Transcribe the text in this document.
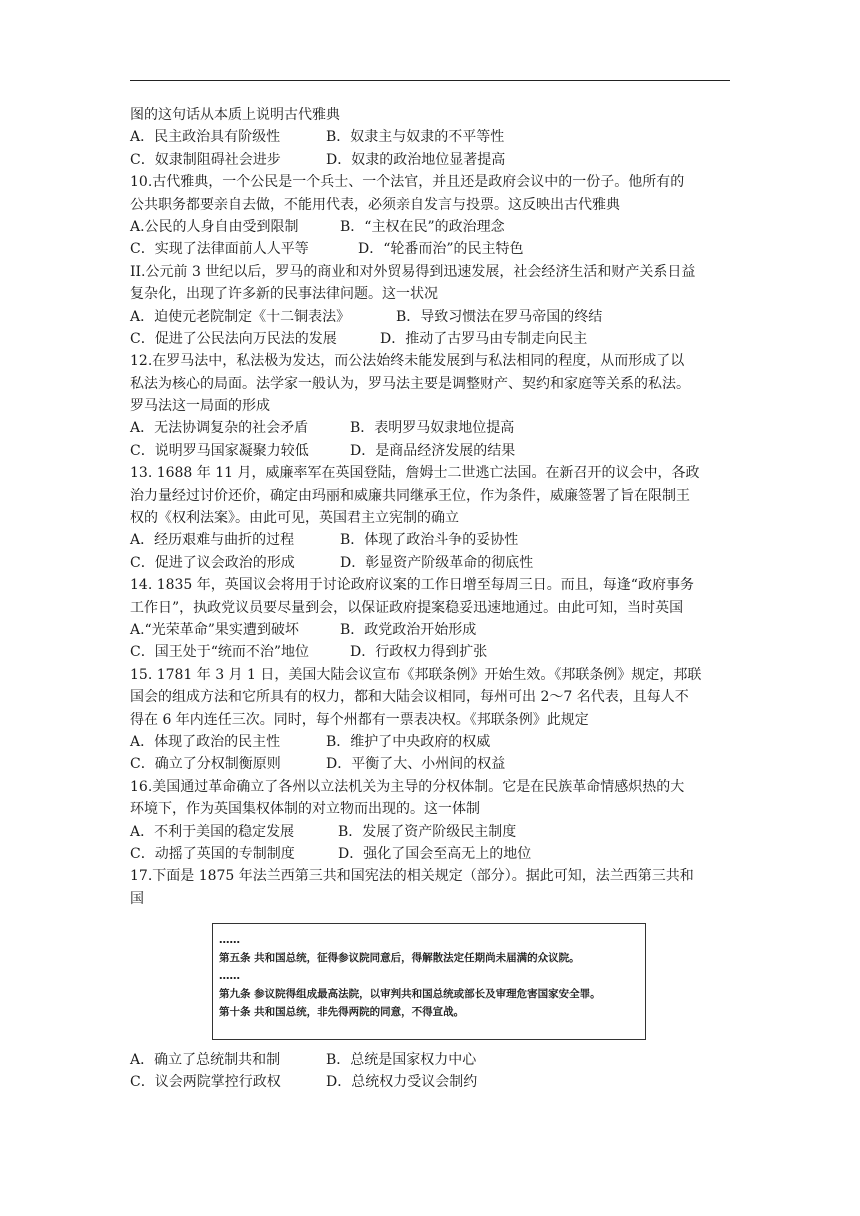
图的这句话从本质上说明古代雅典
A．民主政治具有阶级性	B．奴隶主与奴隶的不平等性
C．奴隶制阻碍社会进步	D．奴隶的政治地位显著提高
10.古代雅典，一个公民是一个兵士、一个法官，并且还是政府会议中的一份子。他所有的
公共职务都要亲自去做，不能用代表，必须亲自发言与投票。这反映出古代雅典
A.公民的人身自由受到限制	B．“主权在民”的政治理念
C．实现了法律面前人人平等	D．“轮番而治”的民主特色
II.公元前 3 世纪以后，罗马的商业和对外贸易得到迅速发展，社会经济生活和财产关系日益
复杂化，出现了许多新的民事法律问题。这一状况
A．迫使元老院制定《十二铜表法》	B．导致习惯法在罗马帝国的终结
C．促进了公民法向万民法的发展	D．推动了古罗马由专制走向民主
12.在罗马法中，私法极为发达，而公法始终未能发展到与私法相同的程度，从而形成了以
私法为核心的局面。法学家一般认为，罗马法主要是调整财产、契约和家庭等关系的私法。
罗马法这一局面的形成
A．无法协调复杂的社会矛盾	B．表明罗马奴隶地位提高
C．说明罗马国家凝聚力较低	D．是商品经济发展的结果
13. 1688 年 11 月，威廉率军在英国登陆，詹姆士二世逃亡法国。在新召开的议会中，各政
治力量经过讨价还价，确定由玛丽和威廉共同继承王位，作为条件，威廉签署了旨在限制王
权的《权利法案》。由此可见，英国君主立宪制的确立
A．经历艰难与曲折的过程	B．体现了政治斗争的妥协性
C．促进了议会政治的形成	D．彰显资产阶级革命的彻底性
14. 1835 年，英国议会将用于讨论政府议案的工作日增至每周三日。而且，每逢“政府事务
工作日”，执政党议员要尽量到会，以保证政府提案稳妥迅速地通过。由此可知，当时英国
A.“光荣革命”果实遭到破坏	B．政党政治开始形成
C．国王处于“统而不治”地位	D．行政权力得到扩张
15. 1781 年 3 月 1 日，美国大陆会议宣布《邦联条例》开始生效。《邦联条例》规定，邦联
国会的组成方法和它所具有的权力，都和大陆会议相同，每州可出 2～7 名代表，且每人不
得在 6 年内连任三次。同时，每个州都有一票表决权。《邦联条例》此规定
A．体现了政治的民主性	B．维护了中央政府的权威
C．确立了分权制衡原则	D．平衡了大、小州间的权益
16.美国通过革命确立了各州以立法机关为主导的分权体制。它是在民族革命情感炽热的大
环境下，作为英国集权体制的对立物而出现的。这一体制
A．不利于美国的稳定发展	B．发展了资产阶级民主制度
C．动摇了英国的专制制度	D．强化了国会至高无上的地位
17.下面是 1875 年法兰西第三共和国宪法的相关规定（部分）。据此可知，法兰西第三共和
国
……
第五条 共和国总统，征得参议院同意后，得解散法定任期尚未届满的众议院。
……
第九条 参议院得组成最高法院，以审判共和国总统或部长及审理危害国家安全罪。
第十条 共和国总统，非先得两院的同意，不得宣战。
A．确立了总统制共和制	B．总统是国家权力中心
C．议会两院掌控行政权	D．总统权力受议会制约
